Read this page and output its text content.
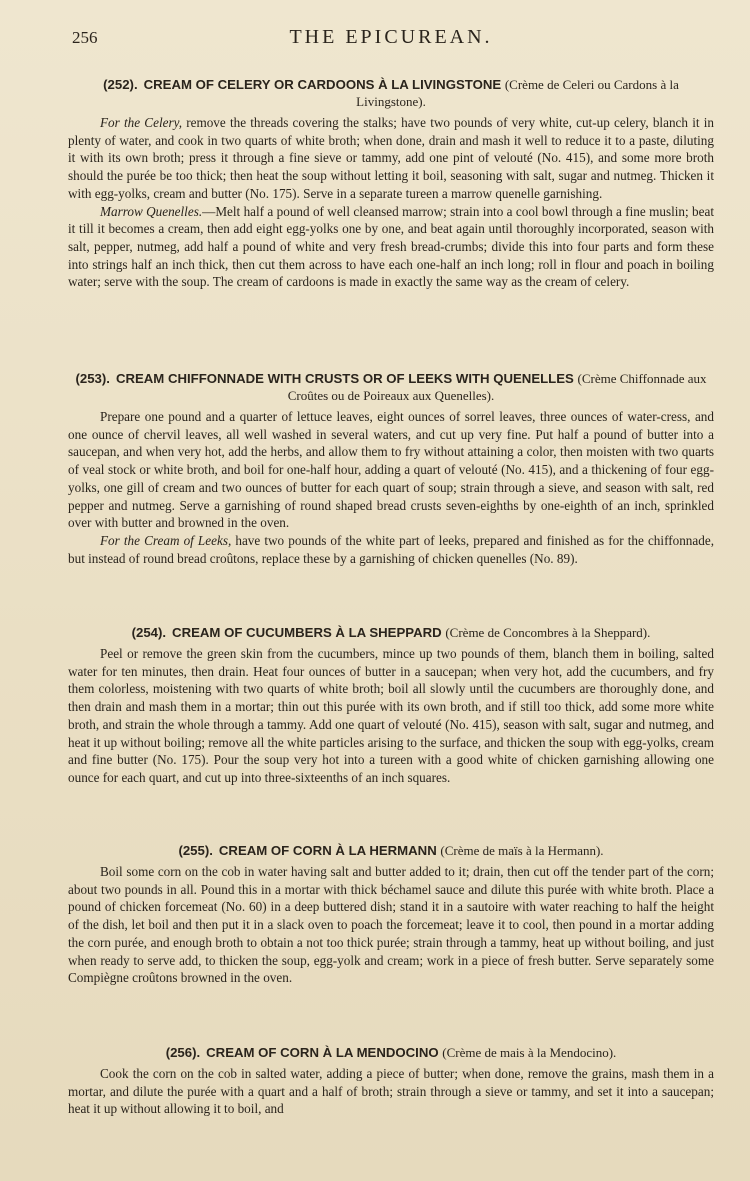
256	THE EPICUREAN.
(252). CREAM OF CELERY OR CARDOONS À LA LIVINGSTONE (Crème de Celeri ou Cardons à la Livingstone).

For the Celery, remove the threads covering the stalks; have two pounds of very white, cut-up celery, blanch it in plenty of water, and cook in two quarts of white broth; when done, drain and mash it well to reduce it to a paste, diluting it with its own broth; press it through a fine sieve or tammy, add one pint of velouté (No. 415), and some more broth should the purée be too thick; then heat the soup without letting it boil, seasoning with salt, sugar and nutmeg. Thicken it with egg-yolks, cream and butter (No. 175). Serve in a separate tureen a marrow quenelle garnishing.

Marrow Quenelles.—Melt half a pound of well cleansed marrow; strain into a cool bowl through a fine muslin; beat it till it becomes a cream, then add eight egg-yolks one by one, and beat again until thoroughly incorporated, season with salt, pepper, nutmeg, add half a pound of white and very fresh bread-crumbs; divide this into four parts and form these into strings half an inch thick, then cut them across to have each one-half an inch long; roll in flour and poach in boiling water; serve with the soup. The cream of cardoons is made in exactly the same way as the cream of celery.

(253). CREAM CHIFFONNADE WITH CRUSTS OR OF LEEKS WITH QUENELLES (Crème Chiffonnade aux Croûtes ou de Poireaux aux Quenelles).

Prepare one pound and a quarter of lettuce leaves, eight ounces of sorrel leaves, three ounces of water-cress, and one ounce of chervil leaves, all well washed in several waters, and cut up very fine. Put half a pound of butter into a saucepan, and when very hot, add the herbs, and allow them to fry without attaining a color, then moisten with two quarts of veal stock or white broth, and boil for one-half hour, adding a quart of velouté (No. 415), and a thickening of four egg-yolks, one gill of cream and two ounces of butter for each quart of soup; strain through a sieve, and season with salt, red pepper and nutmeg. Serve a garnishing of round shaped bread crusts seven-eighths by one-eighth of an inch, sprinkled over with butter and browned in the oven.

For the Cream of Leeks, have two pounds of the white part of leeks, prepared and finished as for the chiffonnade, but instead of round bread croûtons, replace these by a garnishing of chicken quenelles (No. 89).

(254). CREAM OF CUCUMBERS À LA SHEPPARD (Crème de Concombres à la Sheppard).

Peel or remove the green skin from the cucumbers, mince up two pounds of them, blanch them in boiling, salted water for ten minutes, then drain. Heat four ounces of butter in a saucepan; when very hot, add the cucumbers, and fry them colorless, moistening with two quarts of white broth; boil all slowly until the cucumbers are thoroughly done, and then drain and mash them in a mortar; thin out this purée with its own broth, and if still too thick, add some more white broth, and strain the whole through a tammy. Add one quart of velouté (No. 415), season with salt, sugar and nutmeg, and heat it up without boiling; remove all the white particles arising to the surface, and thicken the soup with egg-yolks, cream and fine butter (No. 175). Pour the soup very hot into a tureen with a good white of chicken garnishing allowing one ounce for each quart, and cut up into three-sixteenths of an inch squares.

(255). CREAM OF CORN À LA HERMANN (Crème de maïs à la Hermann).

Boil some corn on the cob in water having salt and butter added to it; drain, then cut off the tender part of the corn; about two pounds in all. Pound this in a mortar with thick béchamel sauce and dilute this purée with white broth. Place a pound of chicken forcemeat (No. 60) in a deep buttered dish; stand it in a sautoire with water reaching to half the height of the dish, let boil and then put it in a slack oven to poach the forcemeat; leave it to cool, then pound in a mortar adding the corn purée, and enough broth to obtain a not too thick purée; strain through a tammy, heat up without boiling, and just when ready to serve add, to thicken the soup, egg-yolk and cream; work in a piece of fresh butter. Serve separately some Compiègne croûtons browned in the oven.

(256). CREAM OF CORN À LA MENDOCINO (Crème de mais à la Mendocino).

Cook the corn on the cob in salted water, adding a piece of butter; when done, remove the grains, mash them in a mortar, and dilute the purée with a quart and a half of broth; strain through a sieve or tammy, and set it into a saucepan; heat it up without allowing it to boil, and
